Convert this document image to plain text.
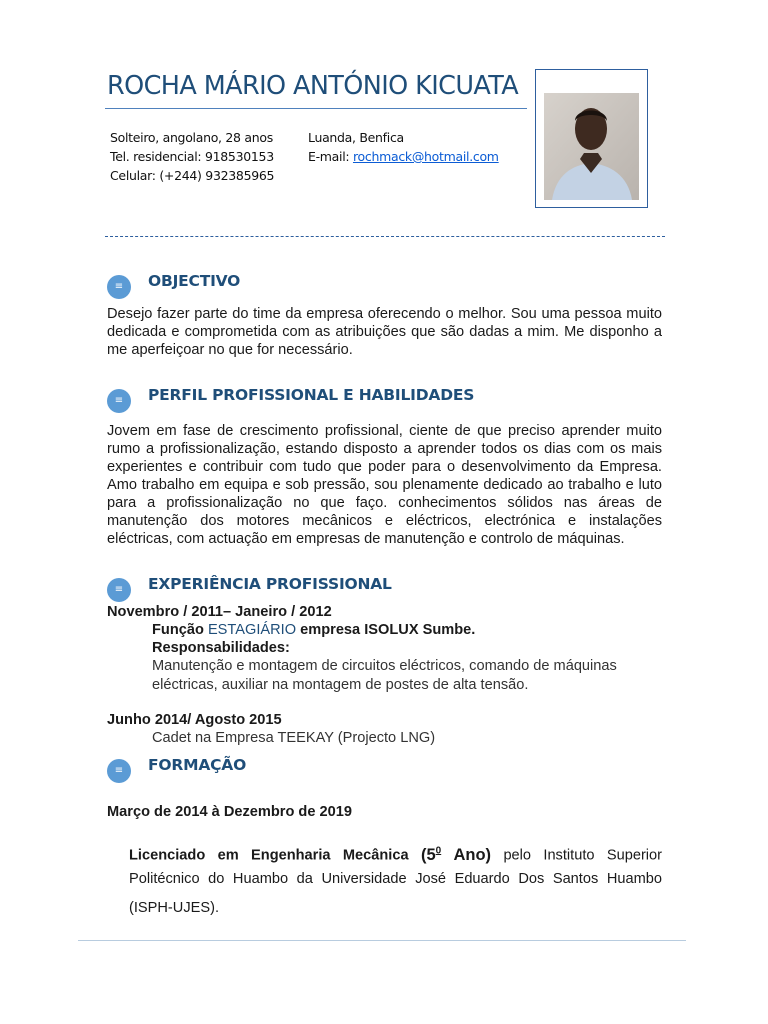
ROCHA MÁRIO ANTÓNIO KICUATA
Solteiro, angolano, 28 anos
Tel. residencial: 918530153
Celular: (+244) 932385965
Luanda, Benfica
E-mail: rochmack@hotmail.com
≡	OBJECTIVO
Desejo fazer parte do time da empresa oferecendo o melhor. Sou uma pessoa muito
dedicada e comprometida com as atribuições que são dadas a mim. Me disponho a
me aperfeiçoar no que for necessário.
≡	PERFIL PROFISSIONAL E HABILIDADES
Jovem em fase de crescimento profissional, ciente de que preciso aprender muito
rumo a profissionalização, estando disposto a aprender todos os dias com os mais
experientes e contribuir com tudo que poder para o desenvolvimento da Empresa.
Amo trabalho em equipa e sob pressão, sou plenamente dedicado ao trabalho e luto
para a profissionalização no que faço. conhecimentos sólidos nas áreas de
manutenção dos motores mecânicos e eléctricos, electrónica e instalações
eléctricas, com actuação em empresas de manutenção e controlo de máquinas.
≡	EXPERIÊNCIA PROFISSIONAL
Novembro / 2011– Janeiro / 2012
Função ESTAGIÁRIO empresa ISOLUX Sumbe.
Responsabilidades:
Manutenção e montagem de circuitos eléctricos, comando de máquinas
eléctricas, auxiliar na montagem de postes de alta tensão.
Junho 2014/ Agosto 2015
Cadet na Empresa TEEKAY (Projecto LNG)
≡	FORMAÇÃO
Março de 2014 à Dezembro de 2019
Licenciado em Engenharia Mecânica ($5^0$ Ano) pelo Instituto Superior
Politécnico do Huambo da Universidade José Eduardo Dos Santos Huambo
(ISPH-UJES).
